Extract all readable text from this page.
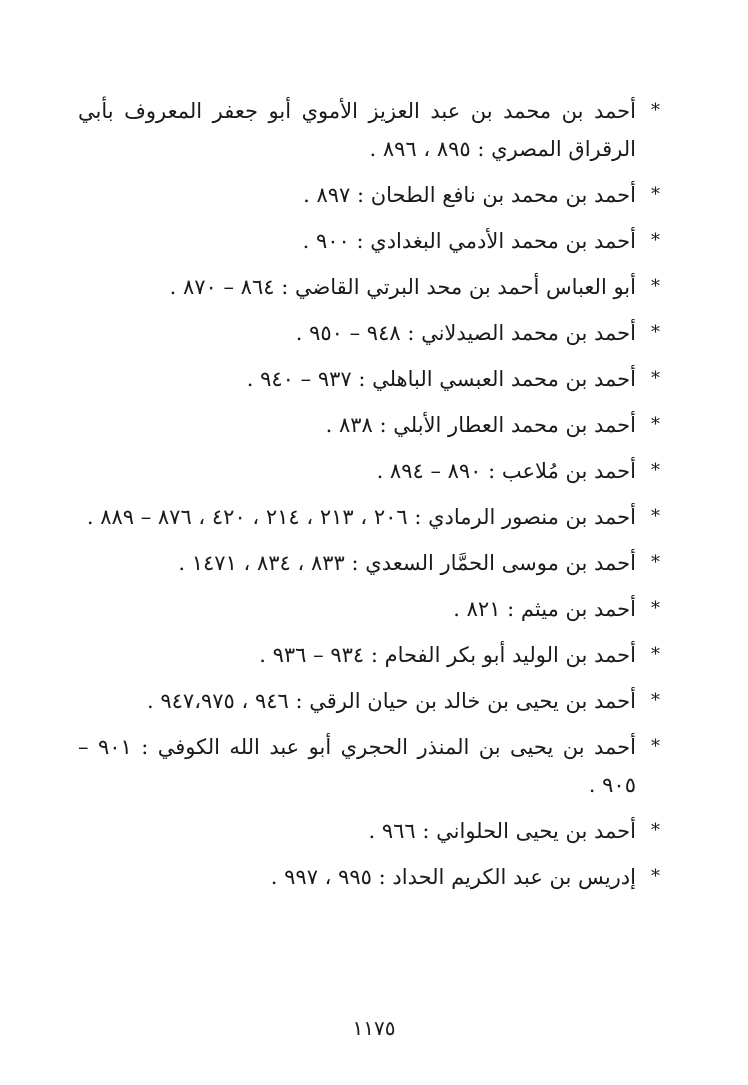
*
أحمد بن محمد بن عبد العزيز الأموي أبو جعفر المعروف بأبي الرقراق المصري : ٨٩٥ ، ٨٩٦ .
*
أحمد بن محمد بن نافع الطحان : ٨٩٧ .
*
أحمد بن محمد الأدمي البغدادي : ٩٠٠ .
*
أبو العباس أحمد بن محد البرتي القاضي : ٨٦٤ – ٨٧٠ .
*
أحمد بن محمد الصيدلاني : ٩٤٨ – ٩٥٠ .
*
أحمد بن محمد العبسي الباهلي : ٩٣٧ – ٩٤٠ .
*
أحمد بن محمد العطار الأبلي : ٨٣٨ .
*
أحمد بن مُلاعب : ٨٩٠ – ٨٩٤ .
*
أحمد بن منصور الرمادي : ٢٠٦ ، ٢١٣ ، ٢١٤ ، ٤٢٠ ، ٨٧٦ – ٨٨٩ .
*
أحمد بن موسى الحمَّار السعدي : ٨٣٣ ، ٨٣٤ ، ١٤٧١ .
*
أحمد بن ميثم : ٨٢١ .
*
أحمد بن الوليد أبو بكر الفحام : ٩٣٤ – ٩٣٦ .
*
أحمد بن يحيى بن خالد بن حيان الرقي : ٩٤٦ ، ٩٤٧،٩٧٥ .
*
أحمد بن يحيى بن المنذر الحجري أبو عبد الله الكوفي : ٩٠١ – ٩٠٥ .
*
أحمد بن يحيى الحلواني : ٩٦٦ .
*
إدريس بن عبد الكريم الحداد : ٩٩٥ ، ٩٩٧ .
١١٧٥
